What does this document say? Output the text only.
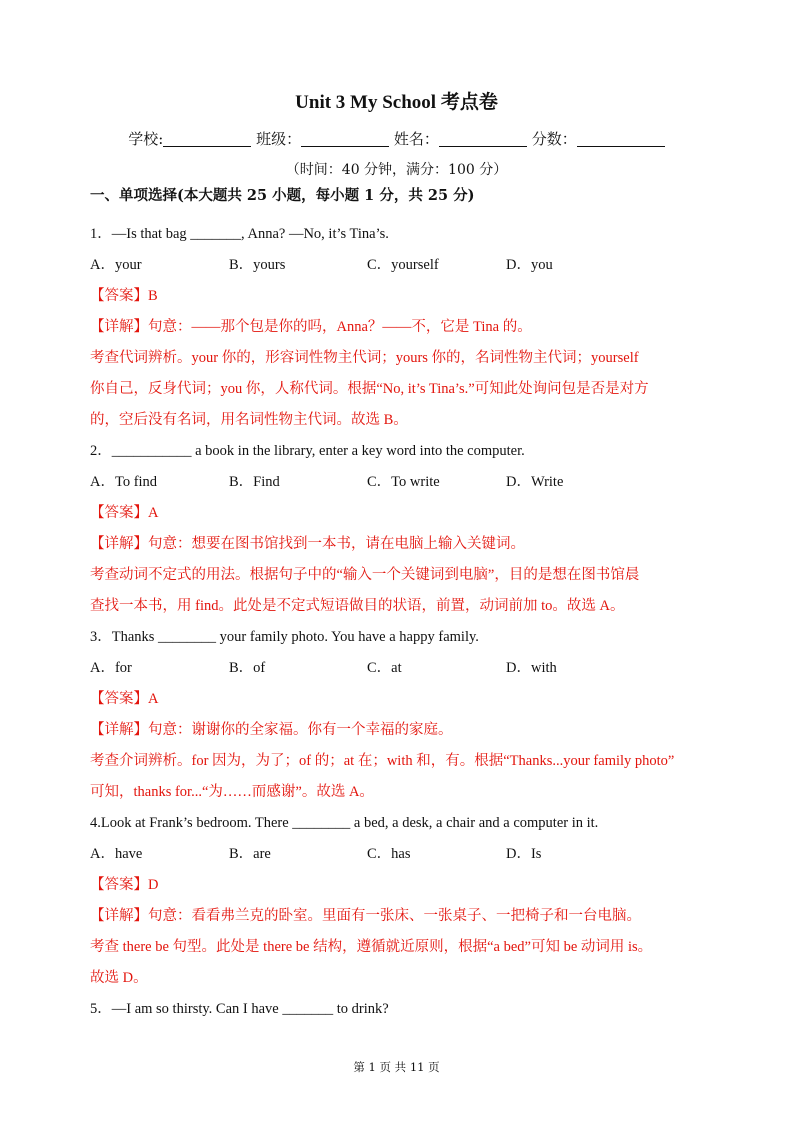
Unit 3 My School 考点卷
学校:	班级：	姓名：	分数：
（时间：40 分钟，满分：100 分）
一、单项选择(本大题共 25 小题，每小题 1 分，共 25 分)
1．—Is that bag _______, Anna? —No, it’s Tina’s.
A．your	B．yours	C．yourself	D．you
【答案】B
【详解】句意：——那个包是你的吗，Anna？——不，它是 Tina 的。
考查代词辨析。your 你的，形容词性物主代词；yours 你的，名词性物主代词；yourself
你自己，反身代词；you 你，人称代词。根据“No, it’s Tina’s.”可知此处询问包是否是对方
的，空后没有名词，用名词性物主代词。故选 B。
2．___________ a book in the library, enter a key word into the computer.
A．To find	B．Find	C．To write	D．Write
【答案】A
【详解】句意：想要在图书馆找到一本书，请在电脑上输入关键词。
考查动词不定式的用法。根据句子中的“输入一个关键词到电脑”，目的是想在图书馆晨
查找一本书，用 find。此处是不定式短语做目的状语，前置，动词前加 to。故选 A。
3．Thanks ________ your family photo. You have a happy family.
A．for	B．of	C．at	D．with
【答案】A
【详解】句意：谢谢你的全家福。你有一个幸福的家庭。
考查介词辨析。for 因为，为了；of 的；at 在；with 和，有。根据“Thanks...your family photo”
可知，thanks for...“为……而感谢”。故选 A。
4.Look at Frank’s bedroom. There ________ a bed, a desk, a chair and a computer in it.
A．have	B．are	C．has	D．Is
【答案】D
【详解】句意：看看弗兰克的卧室。里面有一张床、一张桌子、一把椅子和一台电脑。
考查 there be 句型。此处是 there be 结构，遵循就近原则，根据“a bed”可知 be 动词用 is。
故选 D。
5．—I am so thirsty. Can I have _______ to drink?
第 1 页 共 11 页
